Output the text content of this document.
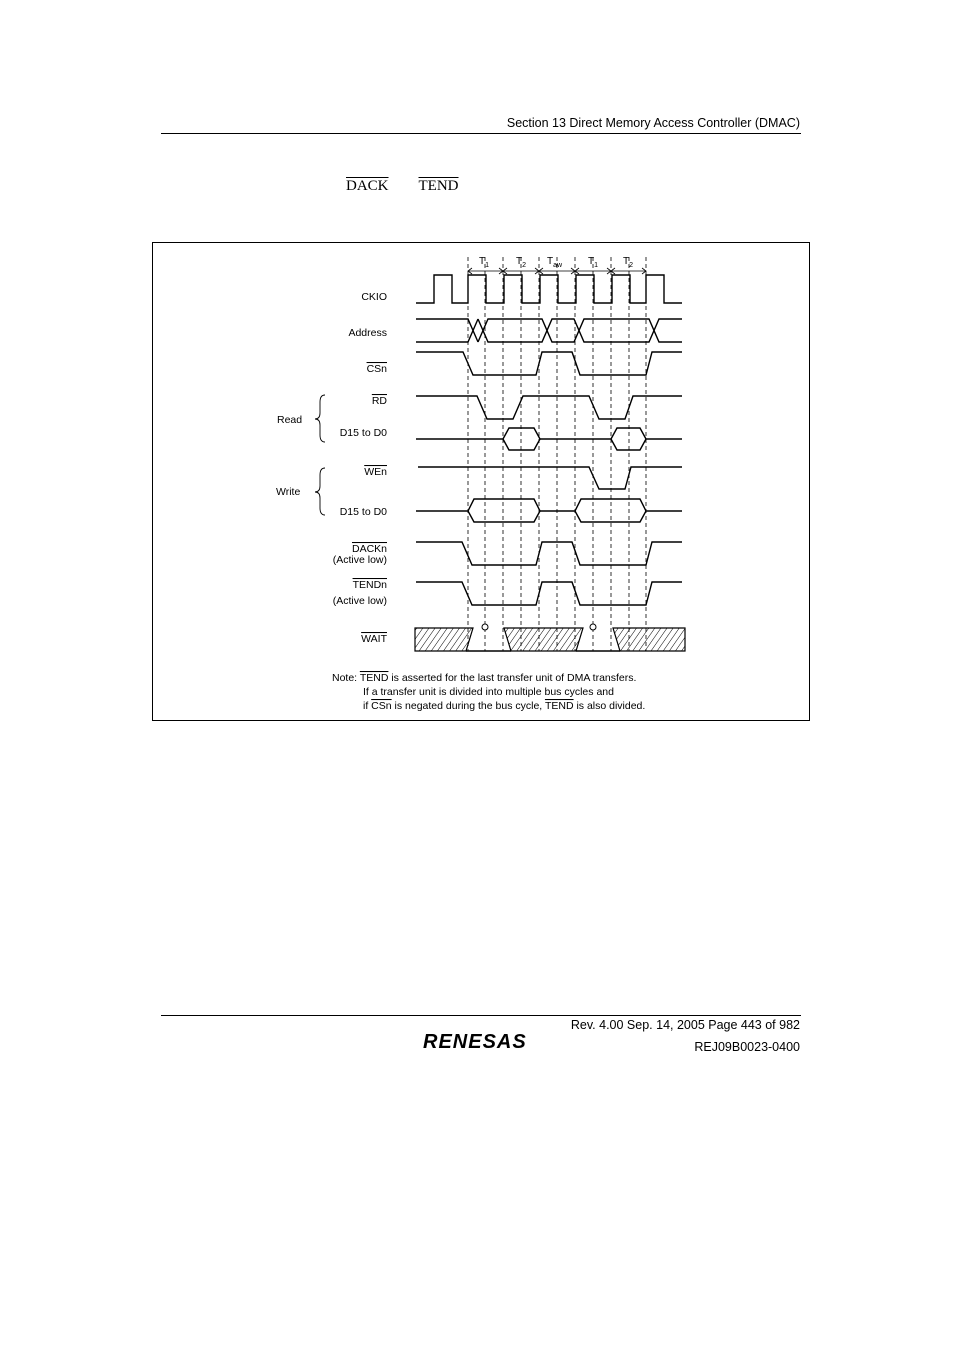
Section 13 Direct Memory Access Controller (DMAC)
DACK TEND
$T_1$	$T_2$ $T_{aw}$	$T_1$ $T_2$
CKIO
Address
CSn
RD
D15 to D0
WEn
D15 to D0
DACKn
(Active low)
TENDn
(Active low)
WAIT
Read
Write
Note: TEND is asserted for the last transfer unit of DMA transfers.
If a transfer unit is divided into multiple bus cycles and
if CSn is negated during the bus cycle, TEND is also divided.
Rev. 4.00 Sep. 14, 2005 Page 443 of 982
REJ09B0023-0400
RENESAS
